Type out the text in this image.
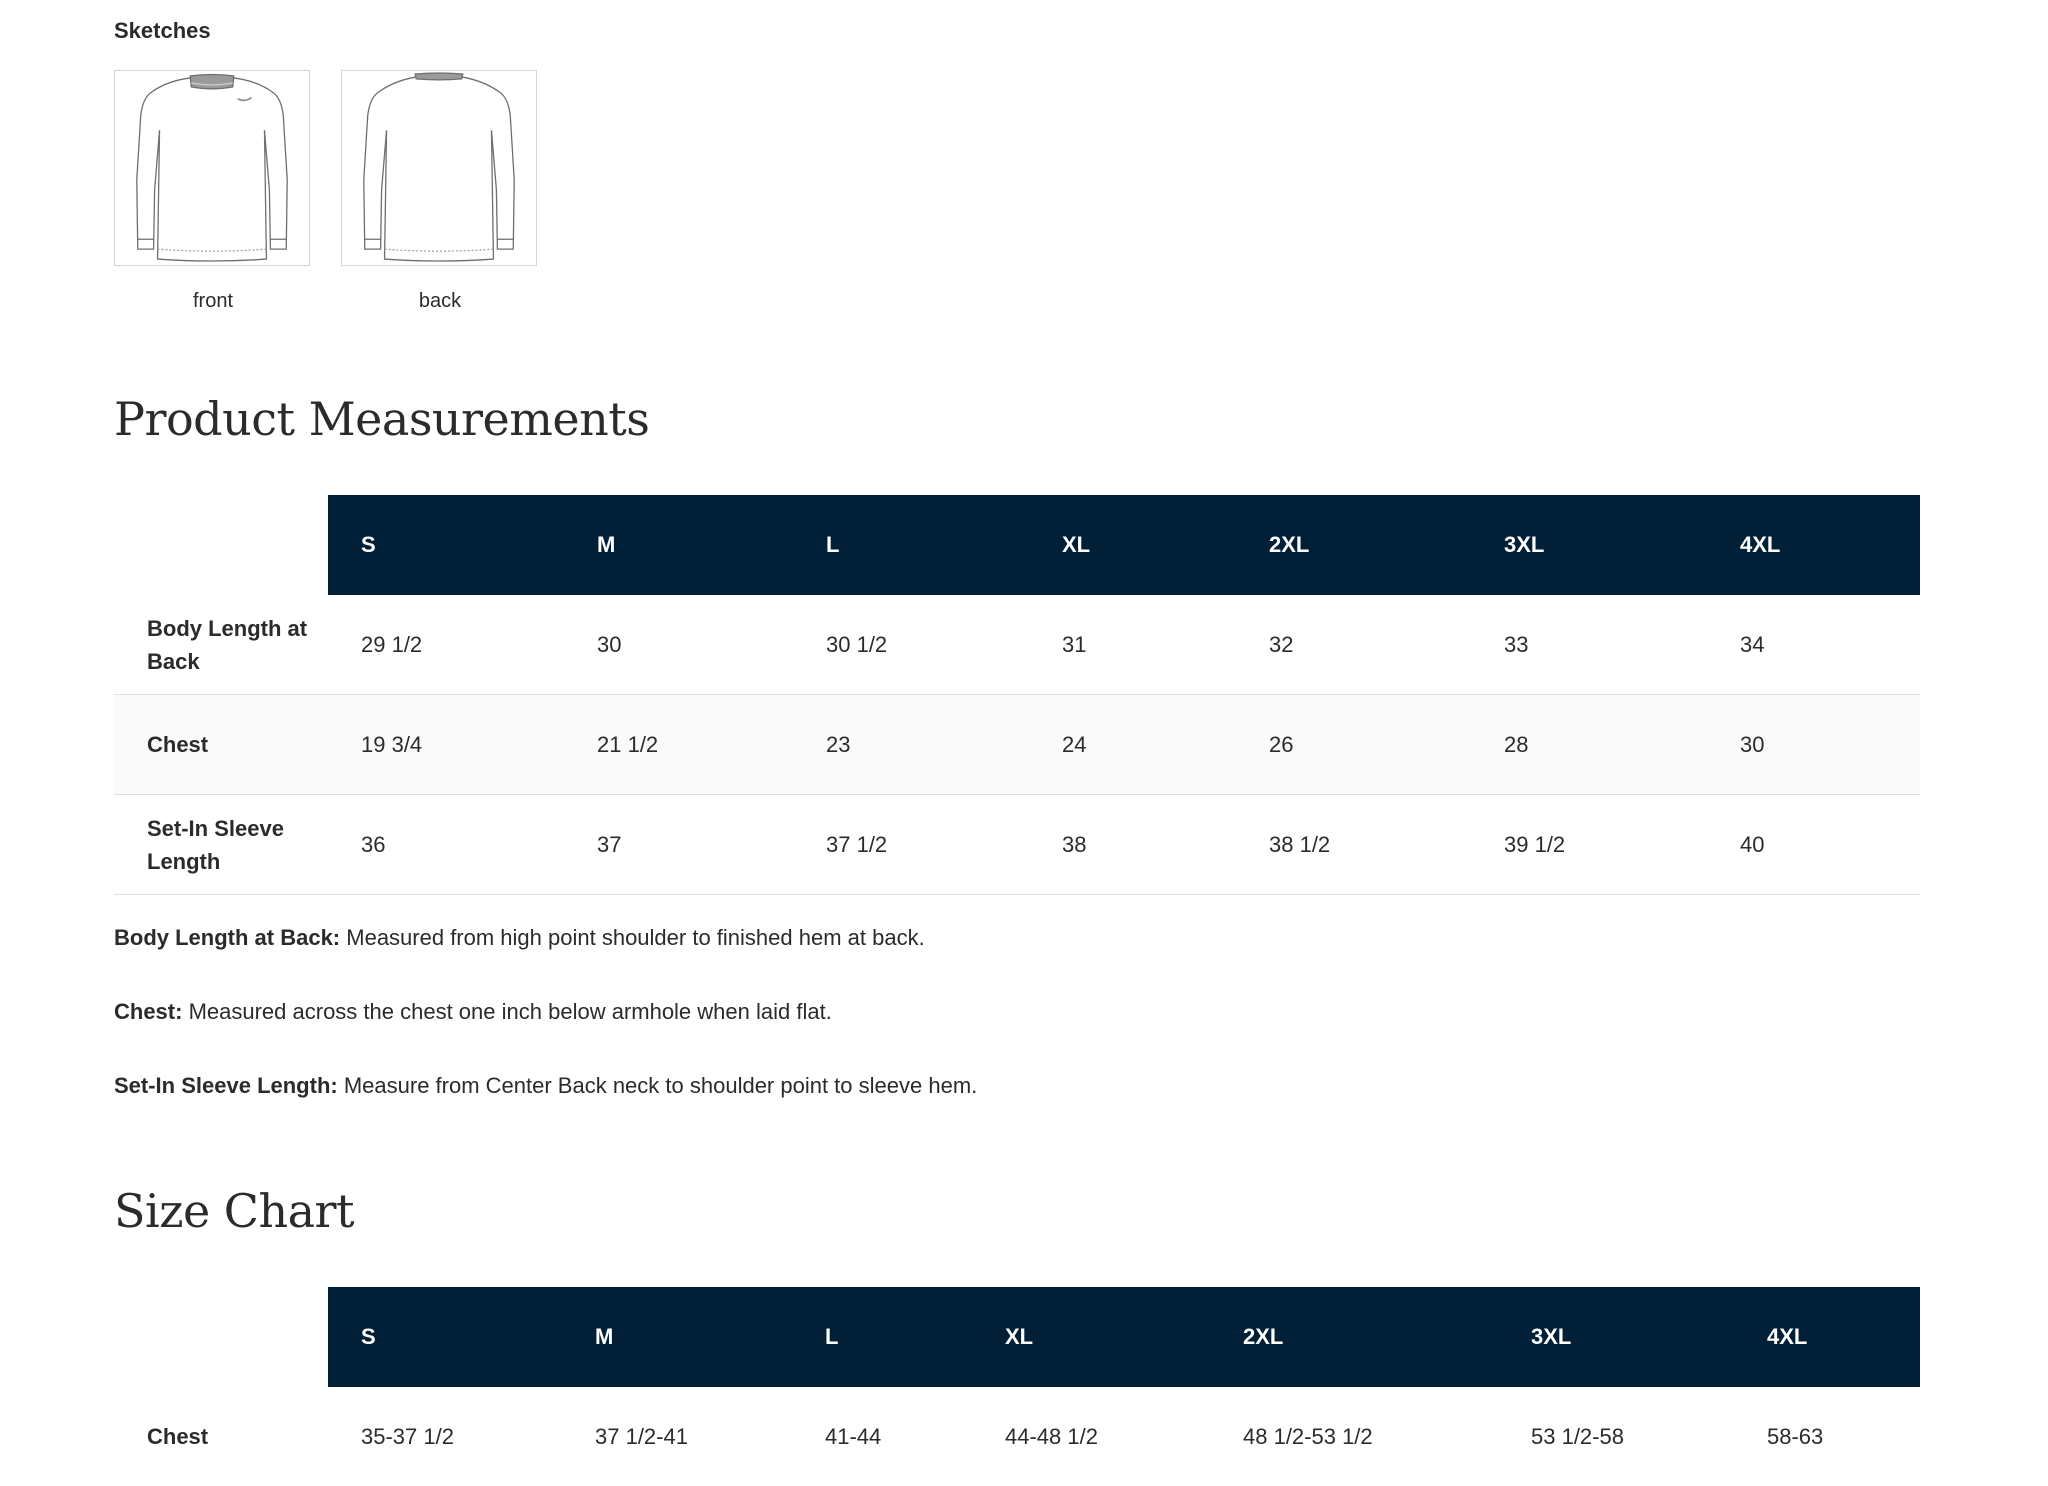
Sketches
front	back
Product Measurements
	S	M	L	XL	2XL	3XL	4XL
Body Length at Back	29 1/2	30	30 1/2	31	32	33	34
Chest	19 3/4	21 1/2	23	24	26	28	30
Set-In Sleeve Length	36	37	37 1/2	38	38 1/2	39 1/2	40

Body Length at Back: Measured from high point shoulder to finished hem at back.

Chest: Measured across the chest one inch below armhole when laid flat.

Set-In Sleeve Length: Measure from Center Back neck to shoulder point to sleeve hem.

Size Chart
	S	M	L	XL	2XL	3XL	4XL
Chest	35-37 1/2	37 1/2-41	41-44	44-48 1/2	48 1/2-53 1/2	53 1/2-58	58-63
